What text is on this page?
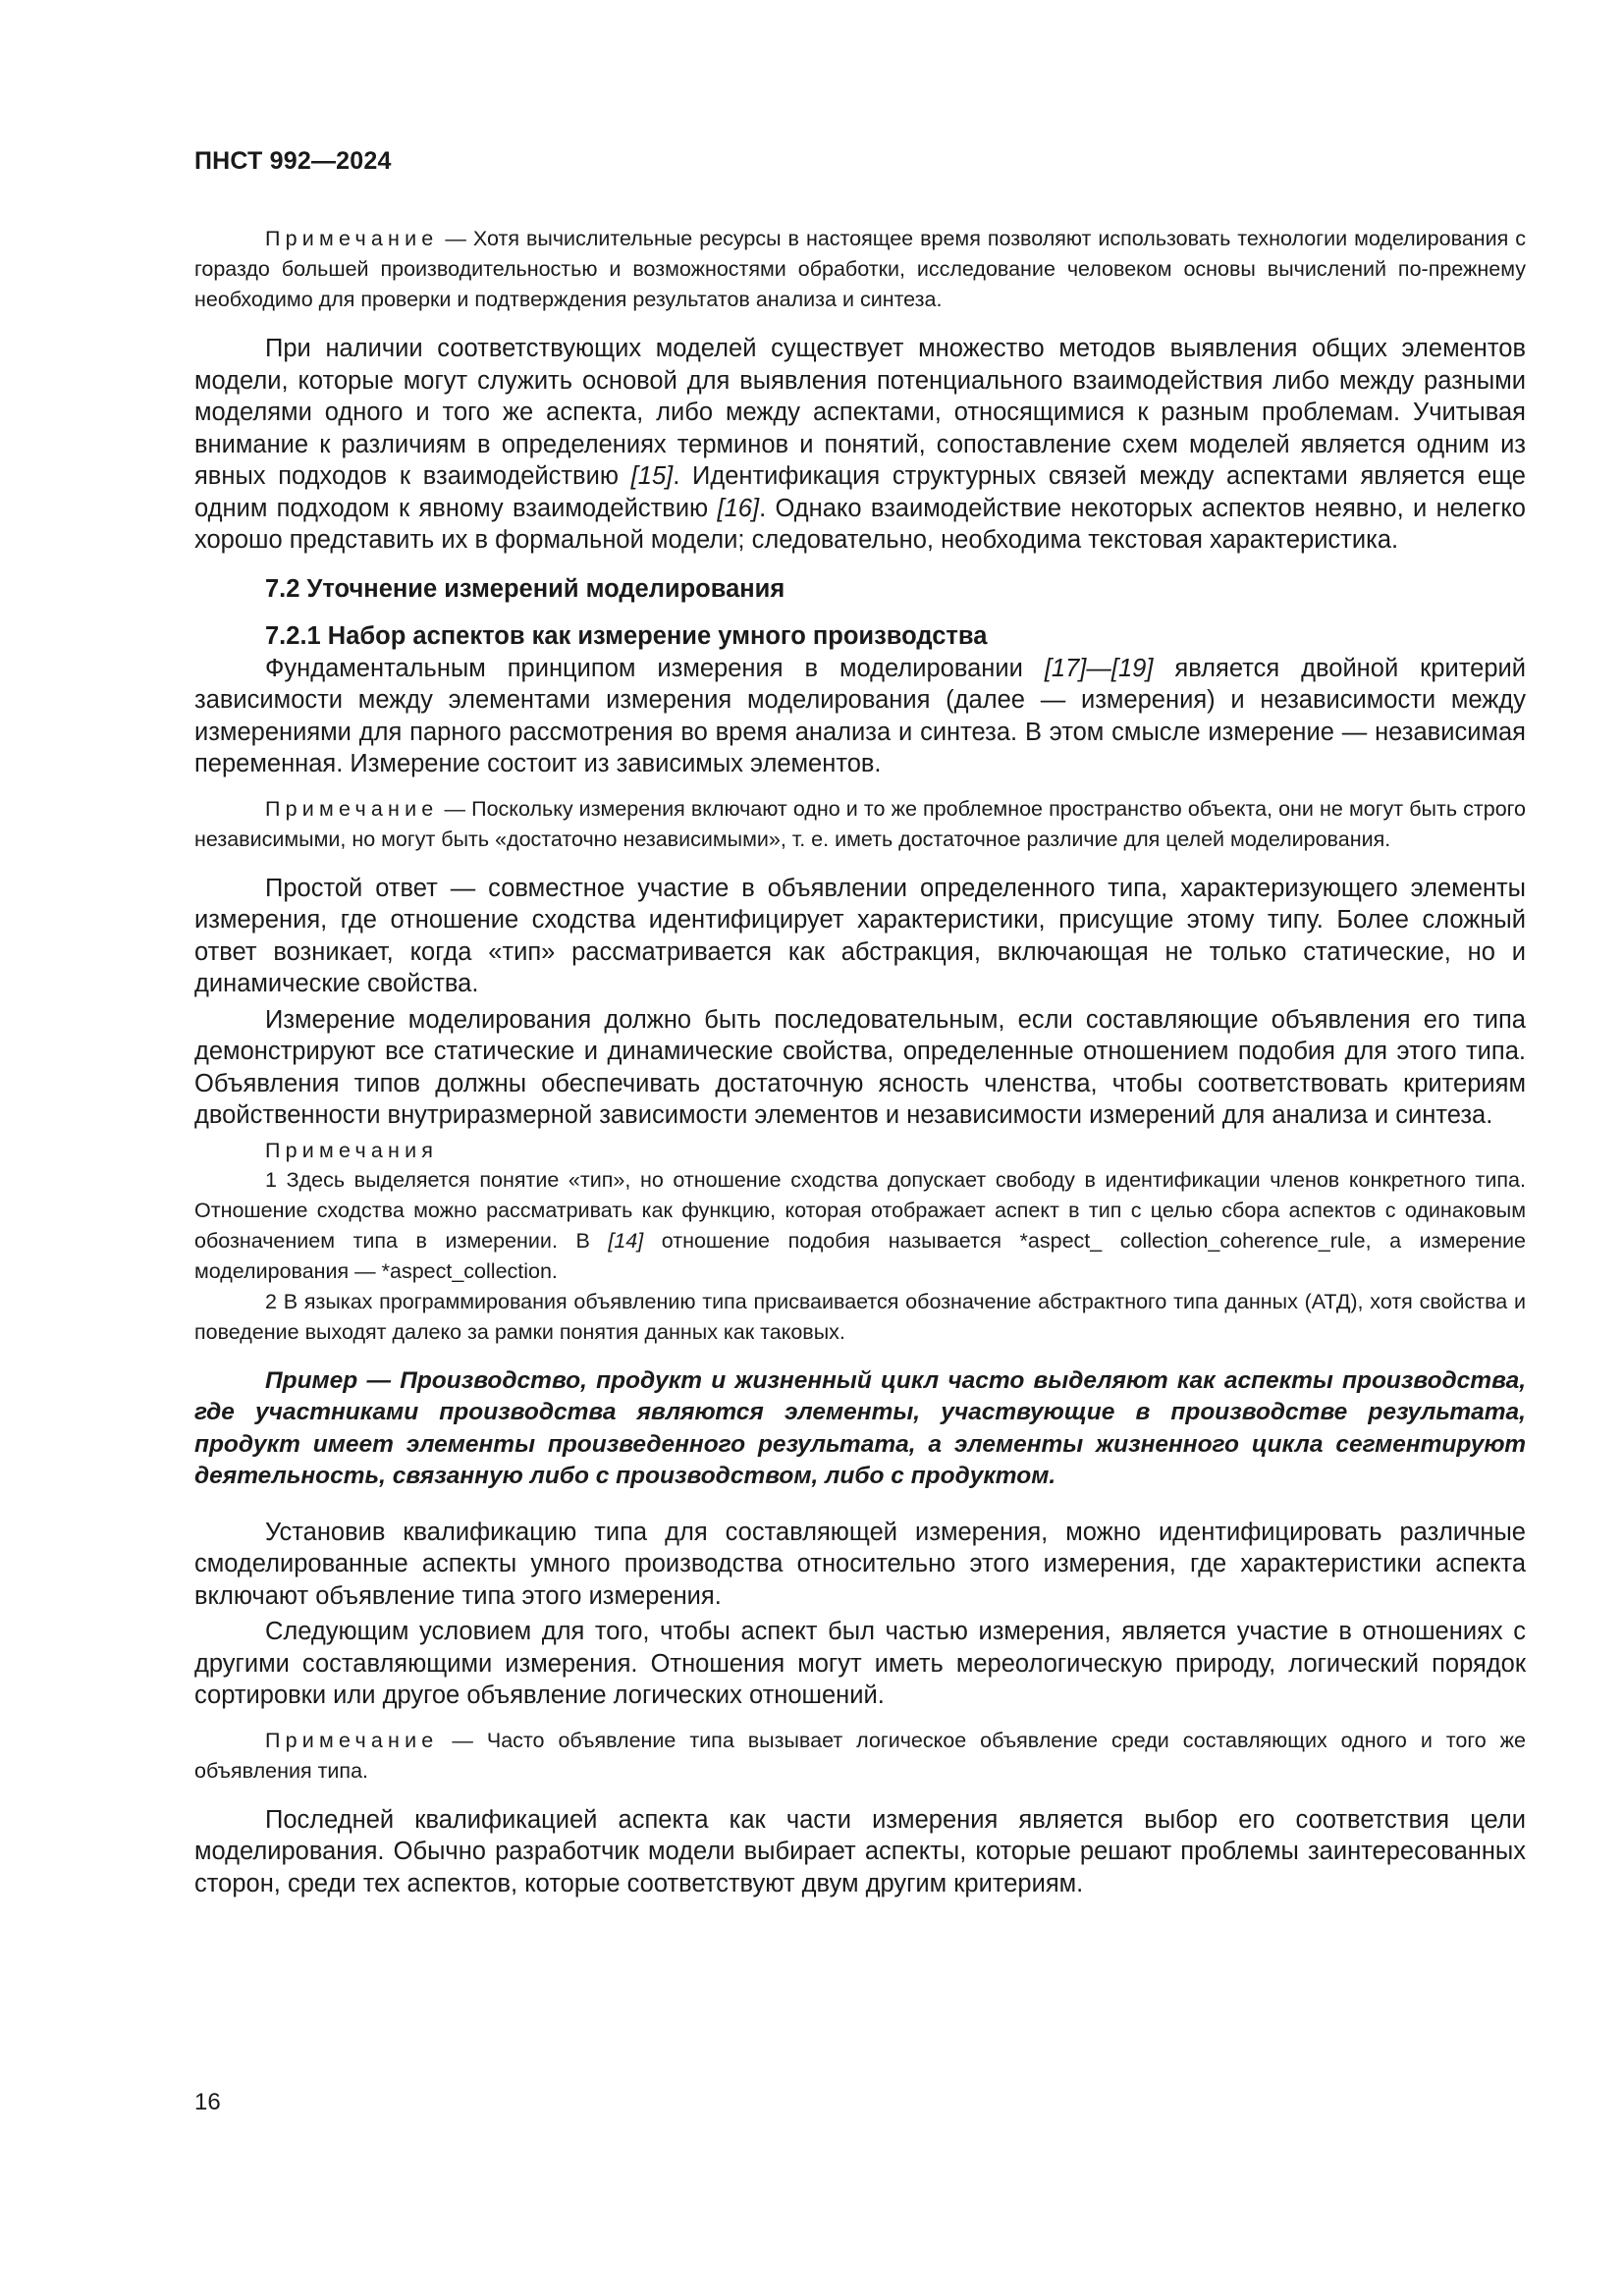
ПНСТ 992—2024

Примечание — Хотя вычислительные ресурсы в настоящее время позволяют использовать технологии моделирования с гораздо большей производительностью и возможностями обработки, исследование человеком основы вычислений по-прежнему необходимо для проверки и подтверждения результатов анализа и синтеза.

При наличии соответствующих моделей существует множество методов выявления общих элементов модели, которые могут служить основой для выявления потенциального взаимодействия либо между разными моделями одного и того же аспекта, либо между аспектами, относящимися к разным проблемам. Учитывая внимание к различиям в определениях терминов и понятий, сопоставление схем моделей является одним из явных подходов к взаимодействию [15]. Идентификация структурных связей между аспектами является еще одним подходом к явному взаимодействию [16]. Однако взаимодействие некоторых аспектов неявно, и нелегко хорошо представить их в формальной модели; следовательно, необходима текстовая характеристика.

7.2 Уточнение измерений моделирования
7.2.1 Набор аспектов как измерение умного производства

Фундаментальным принципом измерения в моделировании [17]—[19] является двойной критерий зависимости между элементами измерения моделирования (далее — измерения) и независимости между измерениями для парного рассмотрения во время анализа и синтеза. В этом смысле измерение — независимая переменная. Измерение состоит из зависимых элементов.

Примечание — Поскольку измерения включают одно и то же проблемное пространство объекта, они не могут быть строго независимыми, но могут быть «достаточно независимыми», т. е. иметь достаточное различие для целей моделирования.

Простой ответ — совместное участие в объявлении определенного типа, характеризующего элементы измерения, где отношение сходства идентифицирует характеристики, присущие этому типу. Более сложный ответ возникает, когда «тип» рассматривается как абстракция, включающая не только статические, но и динамические свойства.

Измерение моделирования должно быть последовательным, если составляющие объявления его типа демонстрируют все статические и динамические свойства, определенные отношением подобия для этого типа. Объявления типов должны обеспечивать достаточную ясность членства, чтобы соответствовать критериям двойственности внутриразмерной зависимости элементов и независимости измерений для анализа и синтеза.

Примечания

1 Здесь выделяется понятие «тип», но отношение сходства допускает свободу в идентификации членов конкретного типа. Отношение сходства можно рассматривать как функцию, которая отображает аспект в тип с целью сбора аспектов с одинаковым обозначением типа в измерении. В [14] отношение подобия называется *aspect_ collection_coherence_rule, а измерение моделирования — *aspect_collection.

2 В языках программирования объявлению типа присваивается обозначение абстрактного типа данных (АТД), хотя свойства и поведение выходят далеко за рамки понятия данных как таковых.

Пример — Производство, продукт и жизненный цикл часто выделяют как аспекты производства, где участниками производства являются элементы, участвующие в производстве результата, продукт имеет элементы произведенного результата, а элементы жизненного цикла сегментируют деятельность, связанную либо с производством, либо с продуктом.

Установив квалификацию типа для составляющей измерения, можно идентифицировать различные смоделированные аспекты умного производства относительно этого измерения, где характеристики аспекта включают объявление типа этого измерения.

Следующим условием для того, чтобы аспект был частью измерения, является участие в отношениях с другими составляющими измерения. Отношения могут иметь мереологическую природу, логический порядок сортировки или другое объявление логических отношений.

Примечание — Часто объявление типа вызывает логическое объявление среди составляющих одного и того же объявления типа.

Последней квалификацией аспекта как части измерения является выбор его соответствия цели моделирования. Обычно разработчик модели выбирает аспекты, которые решают проблемы заинтересованных сторон, среди тех аспектов, которые соответствуют двум другим критериям.

16
